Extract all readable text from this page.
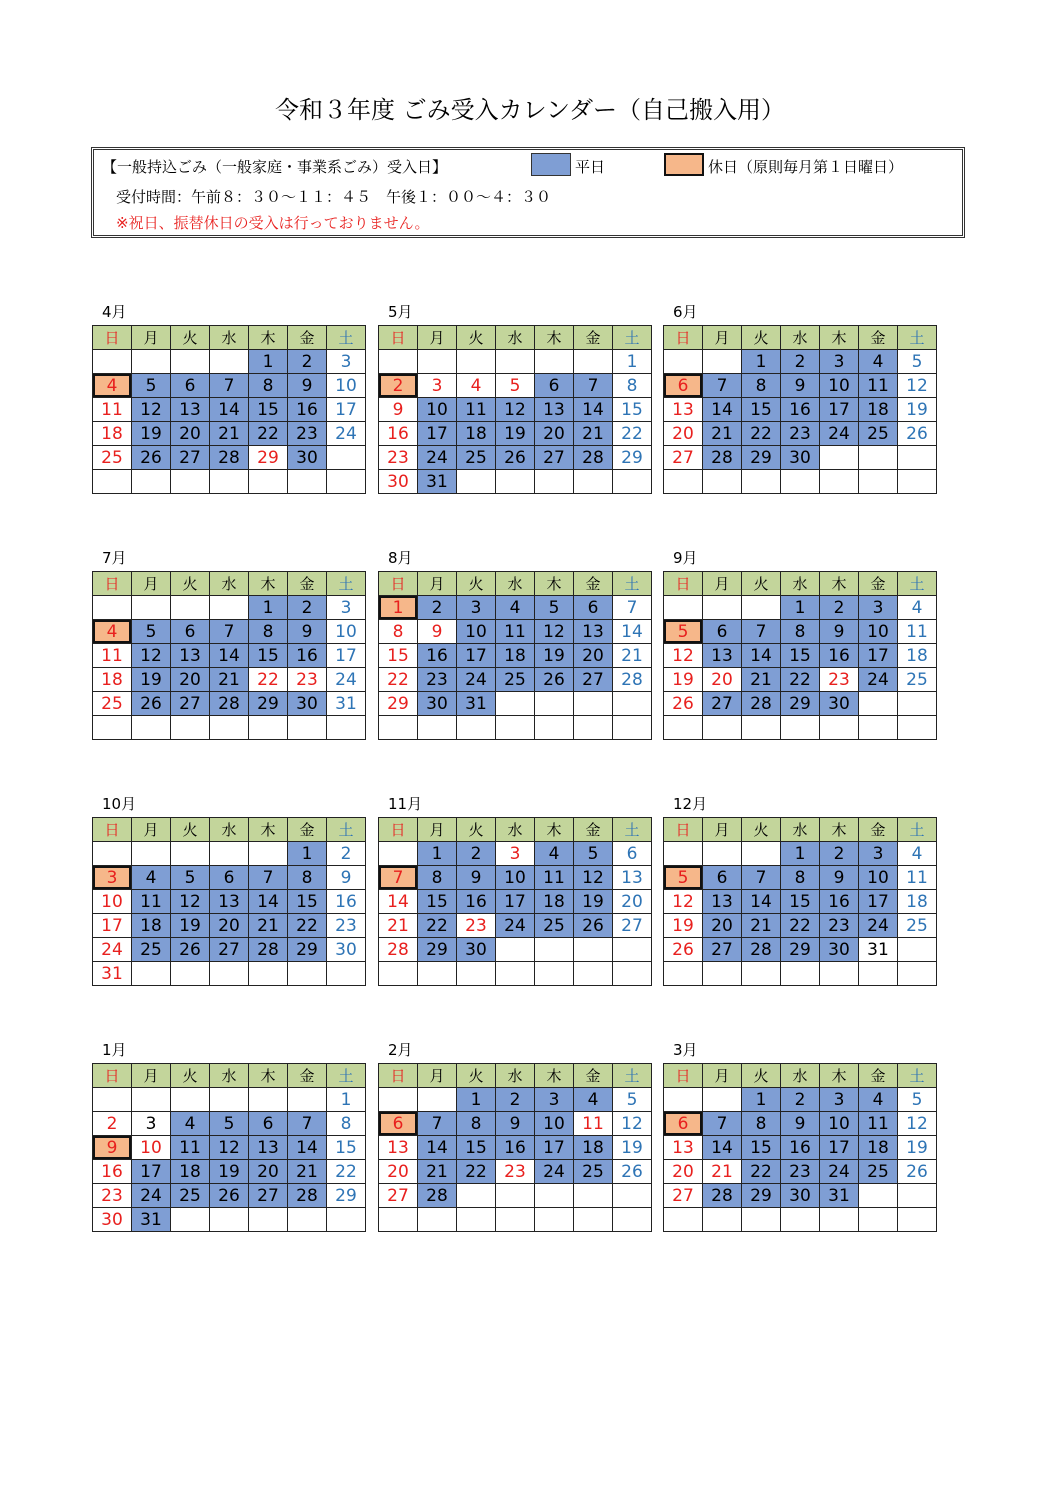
令和３年度 ごみ受入カレンダー（自己搬入用）
【一般持込ごみ（一般家庭・事業系ごみ）受入日】	平日	休日（原則毎月第１日曜日）
受付時間：午前８：３０～１１：４５　午後１：００～４：３０
※祝日、振替休日の受入は行っておりません。
4月
日	月	火	水	木	金	土
				1	2	3
4	5	6	7	8	9	10
11	12	13	14	15	16	17
18	19	20	21	22	23	24
25	26	27	28	29	30	

5月
日	月	火	水	木	金	土
						1
2	3	4	5	6	7	8
9	10	11	12	13	14	15
16	17	18	19	20	21	22
23	24	25	26	27	28	29
30	31					
6月
日	月	火	水	木	金	土
		1	2	3	4	5
6	7	8	9	10	11	12
13	14	15	16	17	18	19
20	21	22	23	24	25	26
27	28	29	30			

7月
日	月	火	水	木	金	土
				1	2	3
4	5	6	7	8	9	10
11	12	13	14	15	16	17
18	19	20	21	22	23	24
25	26	27	28	29	30	31

8月
日	月	火	水	木	金	土
1	2	3	4	5	6	7
8	9	10	11	12	13	14
15	16	17	18	19	20	21
22	23	24	25	26	27	28
29	30	31				

9月
日	月	火	水	木	金	土
			1	2	3	4
5	6	7	8	9	10	11
12	13	14	15	16	17	18
19	20	21	22	23	24	25
26	27	28	29	30		

10月
日	月	火	水	木	金	土
					1	2
3	4	5	6	7	8	9
10	11	12	13	14	15	16
17	18	19	20	21	22	23
24	25	26	27	28	29	30
31						
11月
日	月	火	水	木	金	土
	1	2	3	4	5	6
7	8	9	10	11	12	13
14	15	16	17	18	19	20
21	22	23	24	25	26	27
28	29	30				

12月
日	月	火	水	木	金	土
			1	2	3	4
5	6	7	8	9	10	11
12	13	14	15	16	17	18
19	20	21	22	23	24	25
26	27	28	29	30	31	

1月
日	月	火	水	木	金	土
						1
2	3	4	5	6	7	8
9	10	11	12	13	14	15
16	17	18	19	20	21	22
23	24	25	26	27	28	29
30	31					
2月
日	月	火	水	木	金	土
		1	2	3	4	5
6	7	8	9	10	11	12
13	14	15	16	17	18	19
20	21	22	23	24	25	26
27	28					

3月
日	月	火	水	木	金	土
		1	2	3	4	5
6	7	8	9	10	11	12
13	14	15	16	17	18	19
20	21	22	23	24	25	26
27	28	29	30	31		
